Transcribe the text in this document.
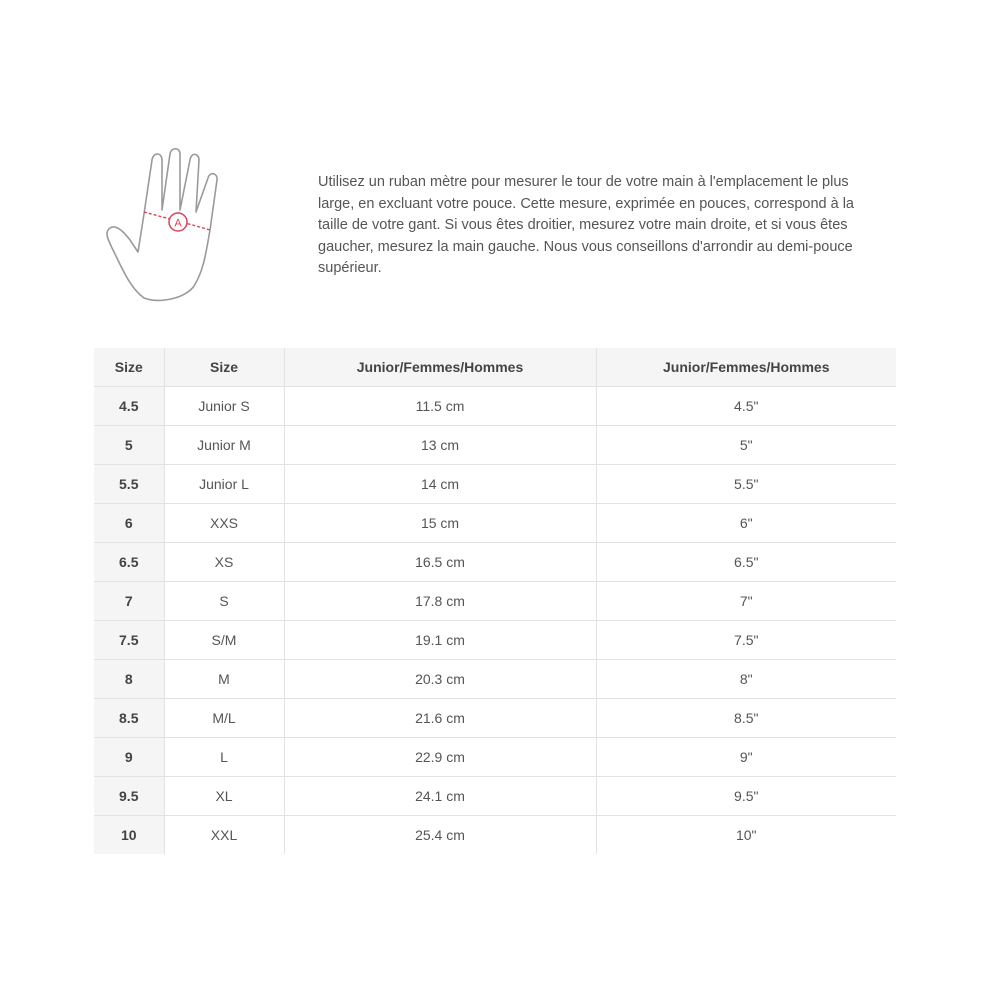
A

Utilisez un ruban mètre pour mesurer le tour de votre main à l'emplacement le plus large, en excluant votre pouce. Cette mesure, exprimée en pouces, correspond à la taille de votre gant. Si vous êtes droitier, mesurez votre main droite, et si vous êtes gaucher, mesurez la main gauche. Nous vous conseillons d'arrondir au demi-pouce supérieur.

Size	Size	Junior/Femmes/Hommes	Junior/Femmes/Hommes
4.5	Junior S	11.5 cm	4.5"
5	Junior M	13 cm	5"
5.5	Junior L	14 cm	5.5"
6	XXS	15 cm	6"
6.5	XS	16.5 cm	6.5"
7	S	17.8 cm	7"
7.5	S/M	19.1 cm	7.5"
8	M	20.3 cm	8"
8.5	M/L	21.6 cm	8.5"
9	L	22.9 cm	9"
9.5	XL	24.1 cm	9.5"
10	XXL	25.4 cm	10"
